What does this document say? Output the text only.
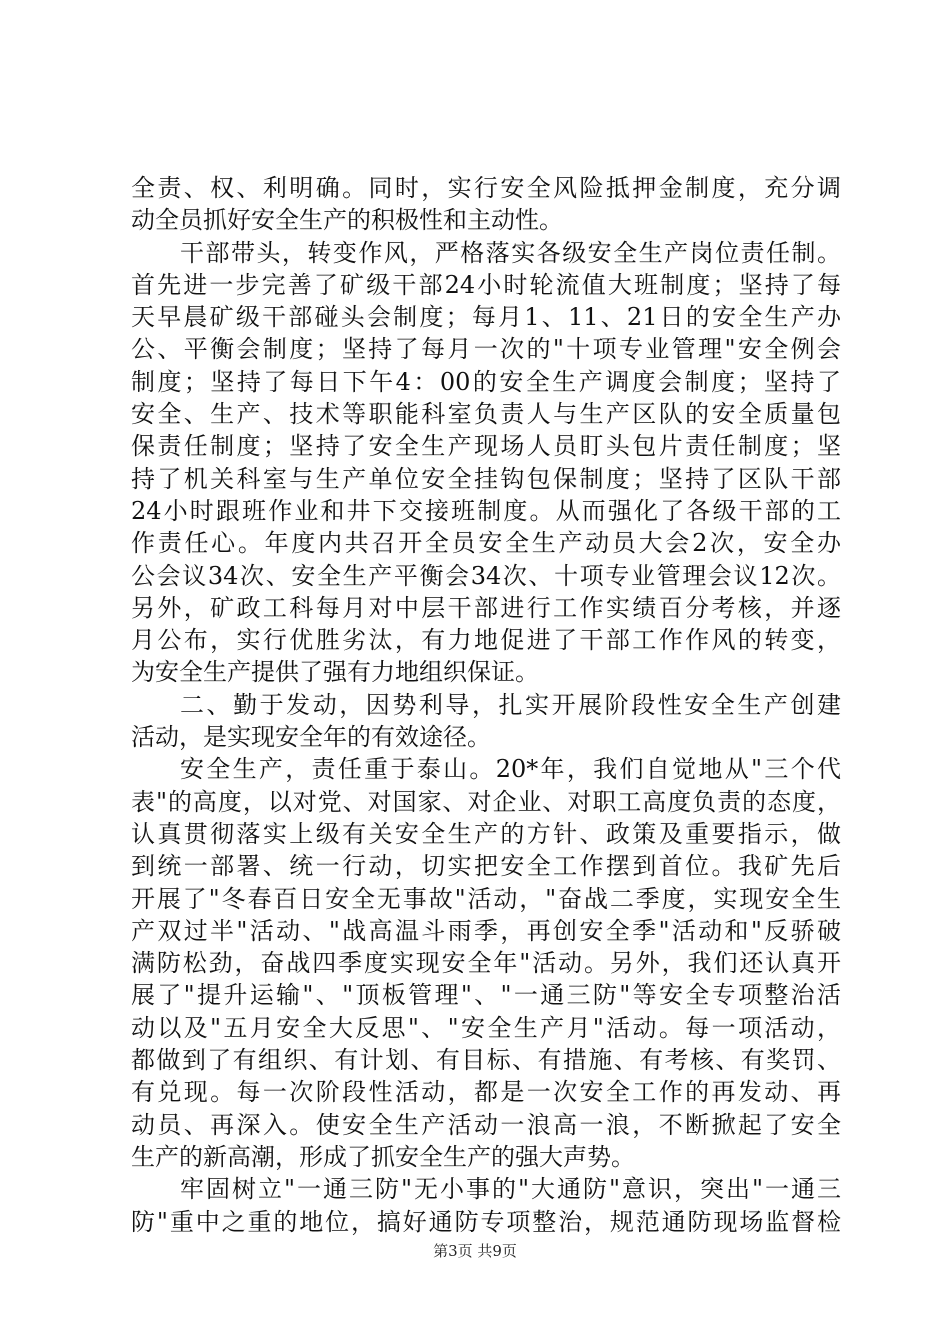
全责、权、利明确。同时，实行安全风险抵押金制度，充分调
动全员抓好安全生产的积极性和主动性。
干部带头，转变作风，严格落实各级安全生产岗位责任制。
首先进一步完善了矿级干部24小时轮流值大班制度；坚持了每
天早晨矿级干部碰头会制度；每月1、11、21日的安全生产办
公、平衡会制度；坚持了每月一次的"十项专业管理"安全例会
制度；坚持了每日下午4：00的安全生产调度会制度；坚持了
安全、生产、技术等职能科室负责人与生产区队的安全质量包
保责任制度；坚持了安全生产现场人员盯头包片责任制度；坚
持了机关科室与生产单位安全挂钩包保制度；坚持了区队干部
24小时跟班作业和井下交接班制度。从而强化了各级干部的工
作责任心。年度内共召开全员安全生产动员大会2次，安全办
公会议34次、安全生产平衡会34次、十项专业管理会议12次。
另外，矿政工科每月对中层干部进行工作实绩百分考核，并逐
月公布，实行优胜劣汰，有力地促进了干部工作作风的转变，
为安全生产提供了强有力地组织保证。
二、勤于发动，因势利导，扎实开展阶段性安全生产创建
活动，是实现安全年的有效途径。
安全生产，责任重于泰山。20*年，我们自觉地从"三个代
表"的高度，以对党、对国家、对企业、对职工高度负责的态度，
认真贯彻落实上级有关安全生产的方针、政策及重要指示，做
到统一部署、统一行动，切实把安全工作摆到首位。我矿先后
开展了"冬春百日安全无事故"活动，"奋战二季度，实现安全生
产双过半"活动、"战高温斗雨季，再创安全季"活动和"反骄破
满防松劲，奋战四季度实现安全年"活动。另外，我们还认真开
展了"提升运输"、"顶板管理"、"一通三防"等安全专项整治活
动以及"五月安全大反思"、"安全生产月"活动。每一项活动，
都做到了有组织、有计划、有目标、有措施、有考核、有奖罚、
有兑现。每一次阶段性活动，都是一次安全工作的再发动、再
动员、再深入。使安全生产活动一浪高一浪，不断掀起了安全
生产的新高潮，形成了抓安全生产的强大声势。
牢固树立"一通三防"无小事的"大通防"意识，突出"一通三
防"重中之重的地位，搞好通防专项整治，规范通防现场监督检
第3页 共9页
